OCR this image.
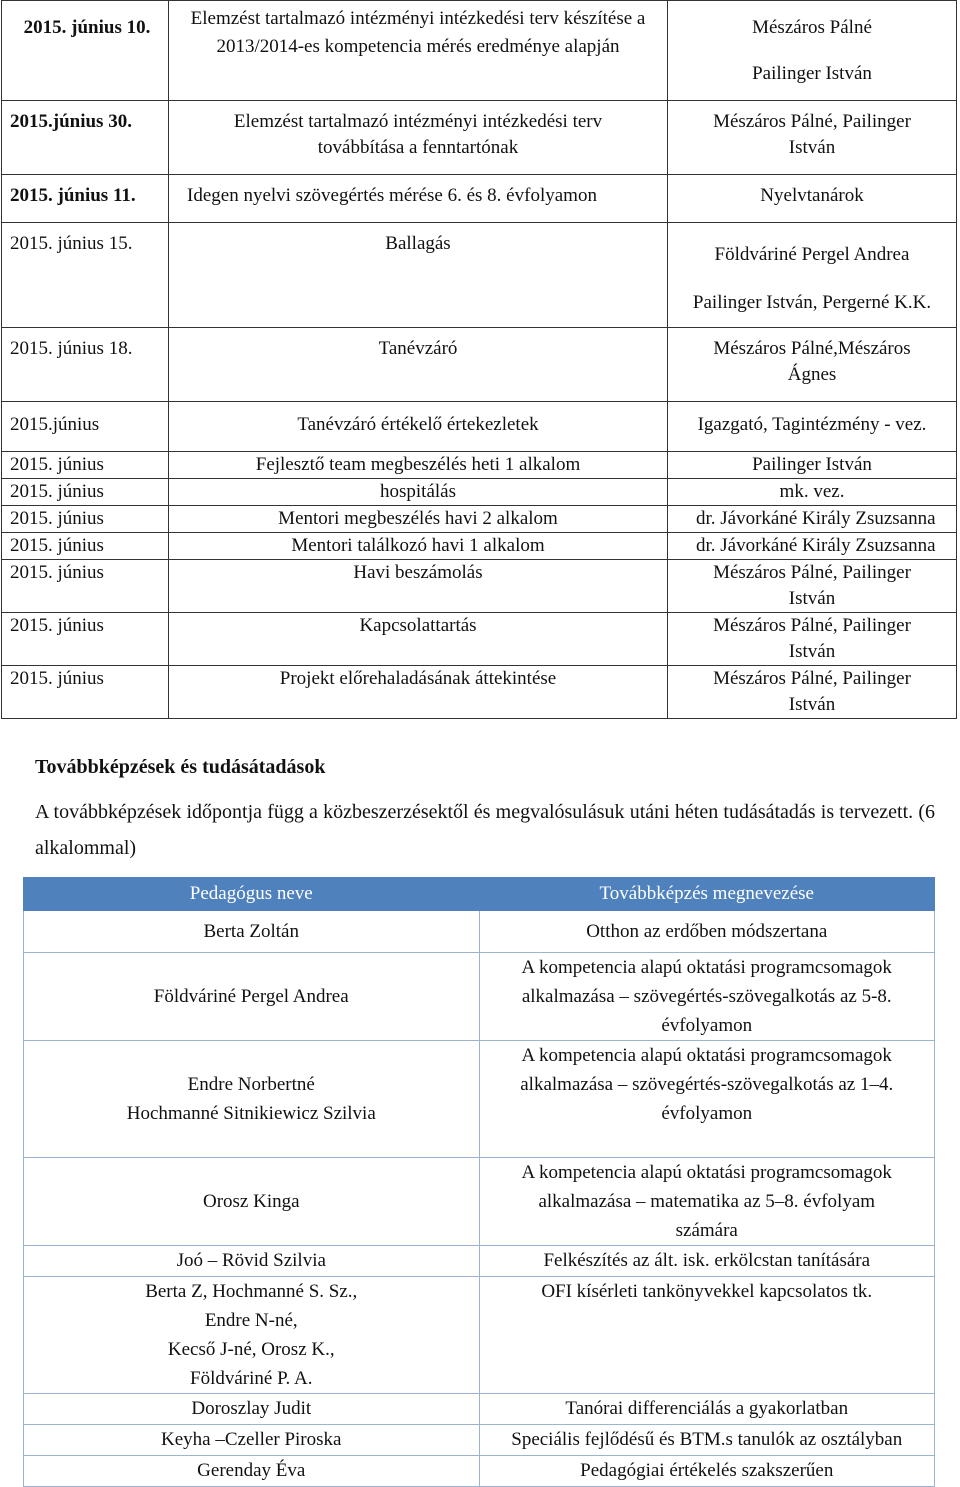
2015. június 10.	Elemzést tartalmazó intézményi intézkedési terv készítése a 2013/2014-es kompetencia mérés eredménye alapján	Mészáros Pálné
Pailinger István
2015.június 30.	Elemzést tartalmazó intézményi intézkedési terv továbbítása a fenntartónak	Mészáros Pálné, Pailinger István
2015. június 11.	Idegen nyelvi szövegértés mérése 6. és 8. évfolyamon	Nyelvtanárok
2015. június 15.	Ballagás	Földváriné Pergel Andrea
Pailinger István, Pergerné K.K.
2015. június 18.	Tanévzáró	Mészáros Pálné,Mészáros Ágnes
2015.június	Tanévzáró értékelő értekezletek	Igazgató, Tagintézmény - vez.
2015. június	Fejlesztő team megbeszélés heti 1 alkalom	Pailinger István
2015. június	hospitálás	mk. vez.
2015. június	Mentori megbeszélés havi 2 alkalom	dr. Jávorkáné Király Zsuzsanna
2015. június	Mentori találkozó havi 1 alkalom	dr. Jávorkáné Király Zsuzsanna
2015. június	Havi beszámolás	Mészáros Pálné, Pailinger István
2015. június	Kapcsolattartás	Mészáros Pálné, Pailinger István
2015. június	Projekt előrehaladásának áttekintése	Mészáros Pálné, Pailinger István
Továbbképzések és tudásátadások
A továbbképzések időpontja függ a közbeszerzésektől és megvalósulásuk utáni héten tudásátadás is tervezett. (6 alkalommal)
Pedagógus neve	Továbbképzés megnevezése
Berta Zoltán	Otthon az erdőben módszertana
Földváriné Pergel Andrea	A kompetencia alapú oktatási programcsomagok alkalmazása – szövegértés-szövegalkotás az 5-8. évfolyamon
Endre Norbertné
Hochmanné Sitnikiewicz Szilvia	A kompetencia alapú oktatási programcsomagok alkalmazása – szövegértés-szövegalkotás az 1–4. évfolyamon
Orosz Kinga	A kompetencia alapú oktatási programcsomagok alkalmazása – matematika az 5–8. évfolyam számára
Joó – Rövid Szilvia	Felkészítés az ált. isk. erkölcstan tanítására
Berta Z, Hochmanné S. Sz.,
Endre N-né,
Kecső J-né, Orosz K.,
Földváriné P. A.	OFI kísérleti tankönyvekkel kapcsolatos tk.
Doroszlay Judit	Tanórai differenciálás a gyakorlatban
Keyha –Czeller Piroska	Speciális fejlődésű és BTM.s tanulók az osztályban
Gerenday Éva	Pedagógiai értékelés szakszerűen
